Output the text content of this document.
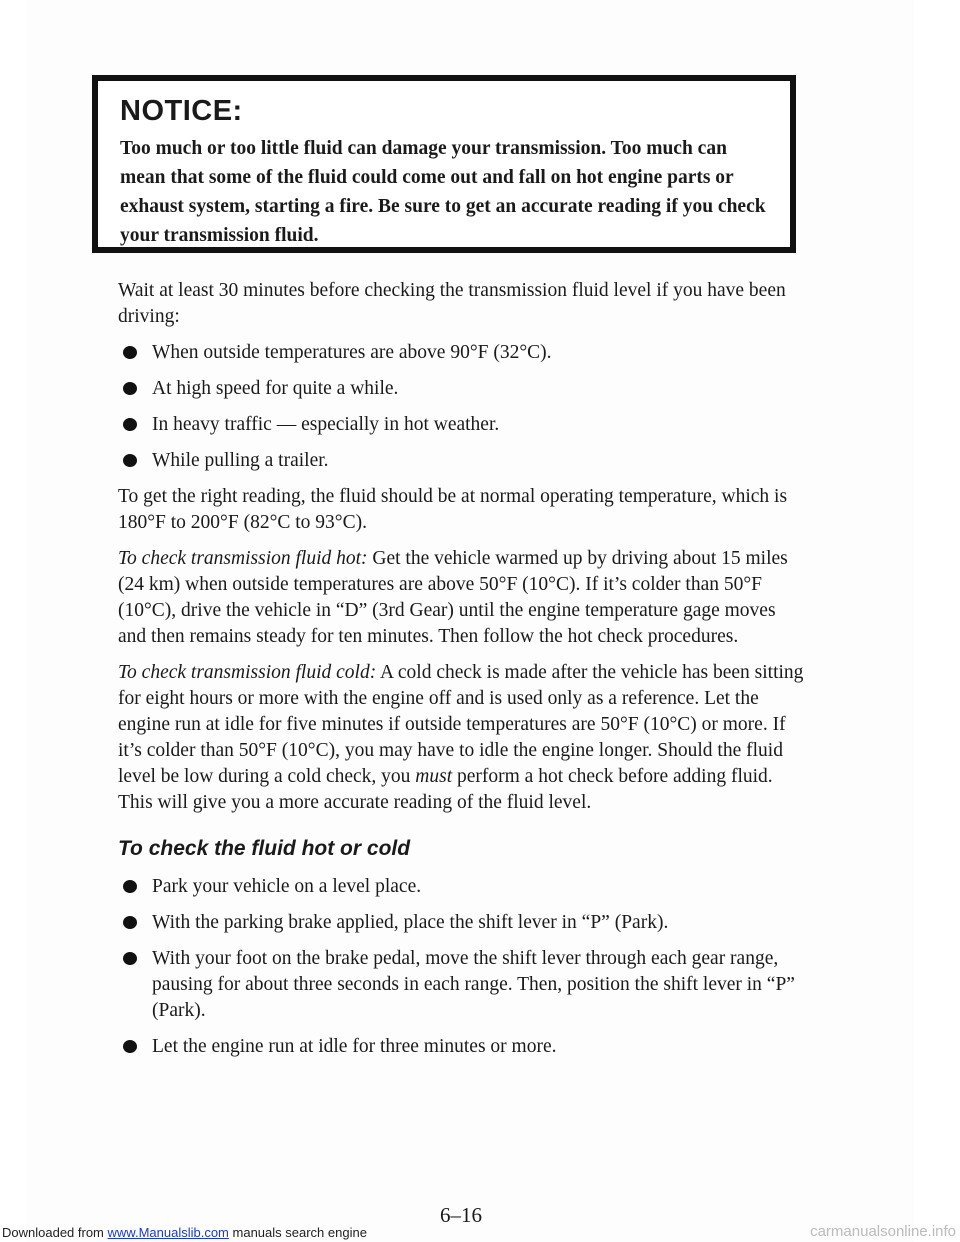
NOTICE:

Too much or too little fluid can damage your transmission. Too much can mean that some of the fluid could come out and fall on hot engine parts or exhaust system, starting a fire. Be sure to get an accurate reading if you check your transmission fluid.

Wait at least 30 minutes before checking the transmission fluid level if you have been driving:

When outside temperatures are above 90°F (32°C).
At high speed for quite a while.
In heavy traffic — especially in hot weather.
While pulling a trailer.

To get the right reading, the fluid should be at normal operating temperature, which is 180°F to 200°F (82°C to 93°C).

To check transmission fluid hot: Get the vehicle warmed up by driving about 15 miles (24 km) when outside temperatures are above 50°F (10°C). If it’s colder than 50°F (10°C), drive the vehicle in “D” (3rd Gear) until the engine temperature gage moves and then remains steady for ten minutes. Then follow the hot check procedures.

To check transmission fluid cold: A cold check is made after the vehicle has been sitting for eight hours or more with the engine off and is used only as a reference. Let the engine run at idle for five minutes if outside temperatures are 50°F (10°C) or more. If it’s colder than 50°F (10°C), you may have to idle the engine longer. Should the fluid level be low during a cold check, you must perform a hot check before adding fluid. This will give you a more accurate reading of the fluid level.

To check the fluid hot or cold
Park your vehicle on a level place.
With the parking brake applied, place the shift lever in “P” (Park).
With your foot on the brake pedal, move the shift lever through each gear range, pausing for about three seconds in each range. Then, position the shift lever in “P” (Park).
Let the engine run at idle for three minutes or more.
6–16
Downloaded from www.Manualslib.com manuals search engine	carmanualsonline.info
